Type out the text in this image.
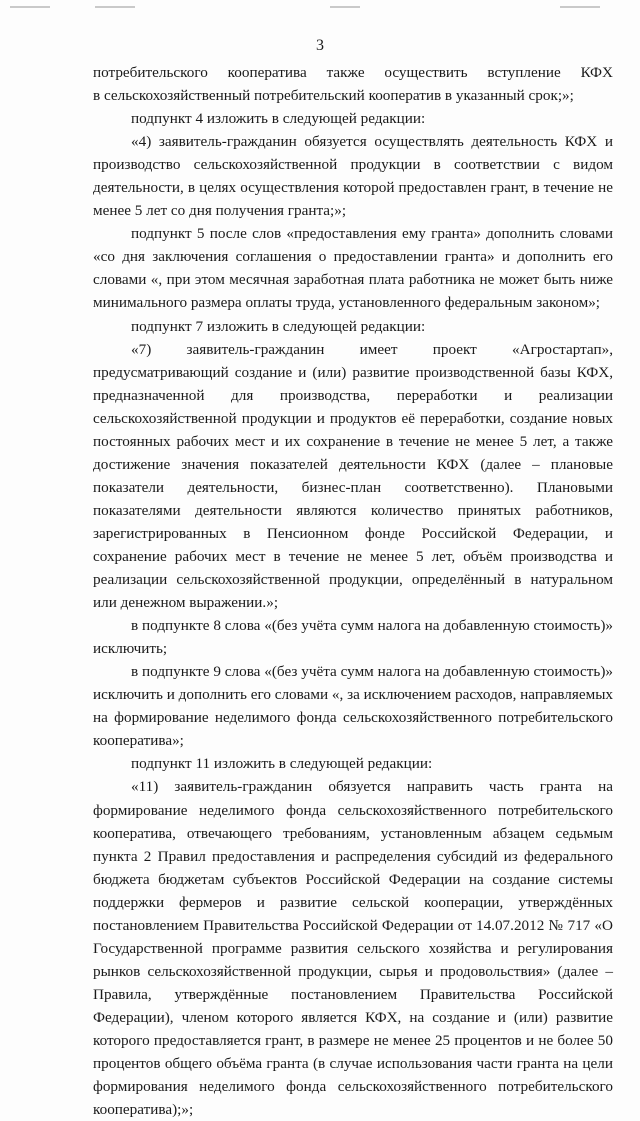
3

потребительского кооператива также осуществить вступление КФХ

в сельскохозяйственный потребительский кооператив в указанный срок;»;

подпункт 4 изложить в следующей редакции:

«4) заявитель-гражданин обязуется осуществлять деятельность КФХ и производство сельскохозяйственной продукции в соответствии с видом деятельности, в целях осуществления которой предоставлен грант, в течение не менее 5 лет со дня получения гранта;»;

подпункт 5 после слов «предоставления ему гранта» дополнить словами «со дня заключения соглашения о предоставлении гранта» и дополнить его словами «, при этом месячная заработная плата работника не может быть ниже минимального размера оплаты труда, установленного федеральным законом»;

подпункт 7 изложить в следующей редакции:

«7) заявитель-гражданин имеет проект «Агростартап», предусматривающий создание и (или) развитие производственной базы КФХ, предназначенной для производства, переработки и реализации сельскохозяйственной продукции и продуктов её переработки, создание новых постоянных рабочих мест и их сохранение в течение не менее 5 лет, а также достижение значения показателей деятельности КФХ (далее – плановые показатели деятельности, бизнес-план соответственно). Плановыми показателями деятельности являются количество принятых работников, зарегистрированных в Пенсионном фонде Российской Федерации, и сохранение рабочих мест в течение не менее 5 лет, объём производства и реализации сельскохозяйственной продукции, определённый в натуральном или денежном выражении.»;

в подпункте 8 слова «(без учёта сумм налога на добавленную стоимость)» исключить;

в подпункте 9 слова «(без учёта сумм налога на добавленную стоимость)» исключить и дополнить его словами «, за исключением расходов, направляемых на формирование неделимого фонда сельскохозяйственного потребительского кооператива»;

подпункт 11 изложить в следующей редакции:

«11) заявитель-гражданин обязуется направить часть гранта на формирование неделимого фонда сельскохозяйственного потребительского кооператива, отвечающего требованиям, установленным абзацем седьмым пункта 2 Правил предоставления и распределения субсидий из федерального бюджета бюджетам субъектов Российской Федерации на создание системы поддержки фермеров и развитие сельской кооперации, утверждённых постановлением Правительства Российской Федерации от 14.07.2012 № 717 «О Государственной программе развития сельского хозяйства и регулирования рынков сельскохозяйственной продукции, сырья и продовольствия» (далее – Правила, утверждённые постановлением Правительства Российской Федерации), членом которого является КФХ, на создание и (или) развитие которого предоставляется грант, в размере не менее 25 процентов и не более 50 процентов общего объёма гранта (в случае использования части гранта на цели формирования неделимого фонда сельскохозяйственного потребительского кооператива);»;
